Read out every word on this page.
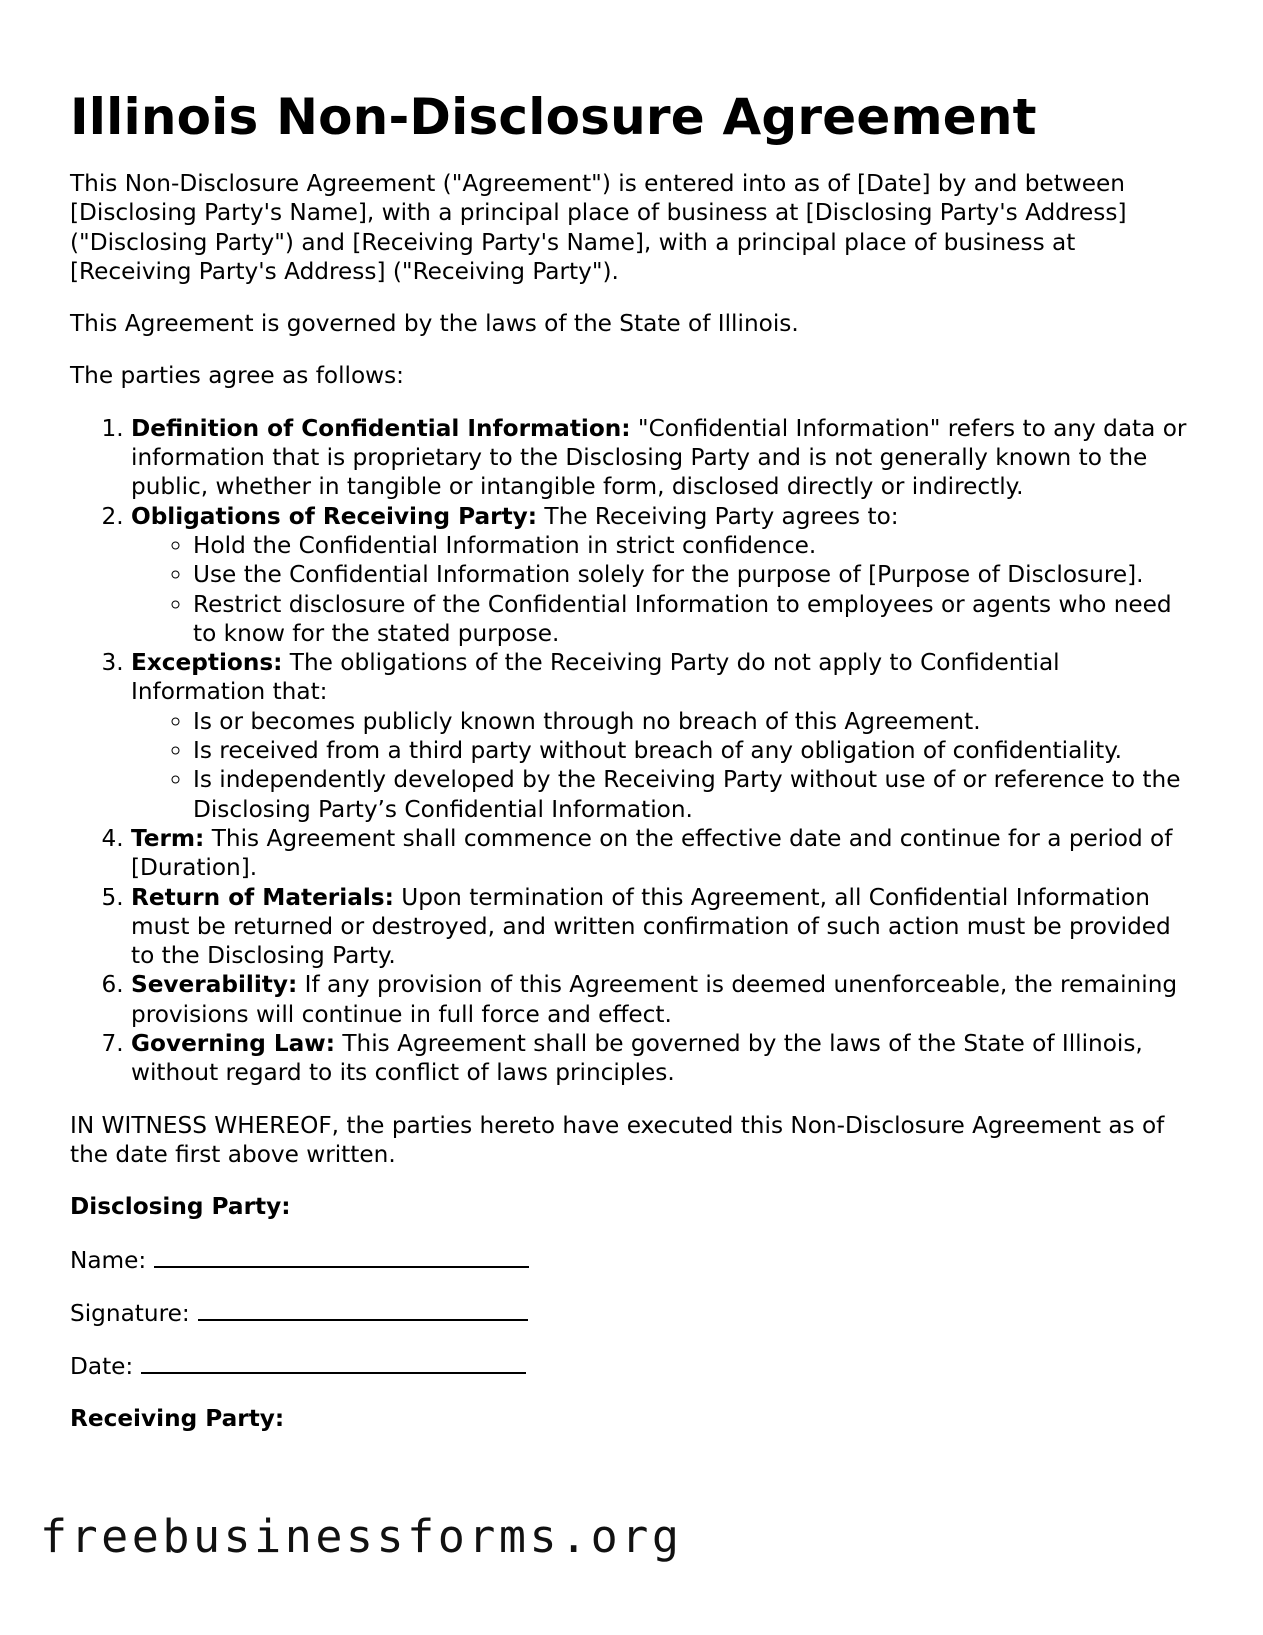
Illinois Non-Disclosure Agreement

This Non-Disclosure Agreement ("Agreement") is entered into as of [Date] by and between [Disclosing Party's Name], with a principal place of business at [Disclosing Party's Address] ("Disclosing Party") and [Receiving Party's Name], with a principal place of business at [Receiving Party's Address] ("Receiving Party").

This Agreement is governed by the laws of the State of Illinois.

The parties agree as follows:

1. Definition of Confidential Information: "Confidential Information" refers to any data or information that is proprietary to the Disclosing Party and is not generally known to the public, whether in tangible or intangible form, disclosed directly or indirectly.
2. Obligations of Receiving Party: The Receiving Party agrees to:
◦ Hold the Confidential Information in strict confidence.
◦ Use the Confidential Information solely for the purpose of [Purpose of Disclosure].
◦ Restrict disclosure of the Confidential Information to employees or agents who need to know for the stated purpose.
3. Exceptions: The obligations of the Receiving Party do not apply to Confidential Information that:
◦ Is or becomes publicly known through no breach of this Agreement.
◦ Is received from a third party without breach of any obligation of confidentiality.
◦ Is independently developed by the Receiving Party without use of or reference to the Disclosing Party’s Confidential Information.
4. Term: This Agreement shall commence on the effective date and continue for a period of [Duration].
5. Return of Materials: Upon termination of this Agreement, all Confidential Information must be returned or destroyed, and written confirmation of such action must be provided to the Disclosing Party.
6. Severability: If any provision of this Agreement is deemed unenforceable, the remaining provisions will continue in full force and effect.
7. Governing Law: This Agreement shall be governed by the laws of the State of Illinois, without regard to its conflict of laws principles.

IN WITNESS WHEREOF, the parties hereto have executed this Non-Disclosure Agreement as of the date first above written.

Disclosing Party:

Name:

Signature:

Date:

Receiving Party:

freebusinessforms.org
